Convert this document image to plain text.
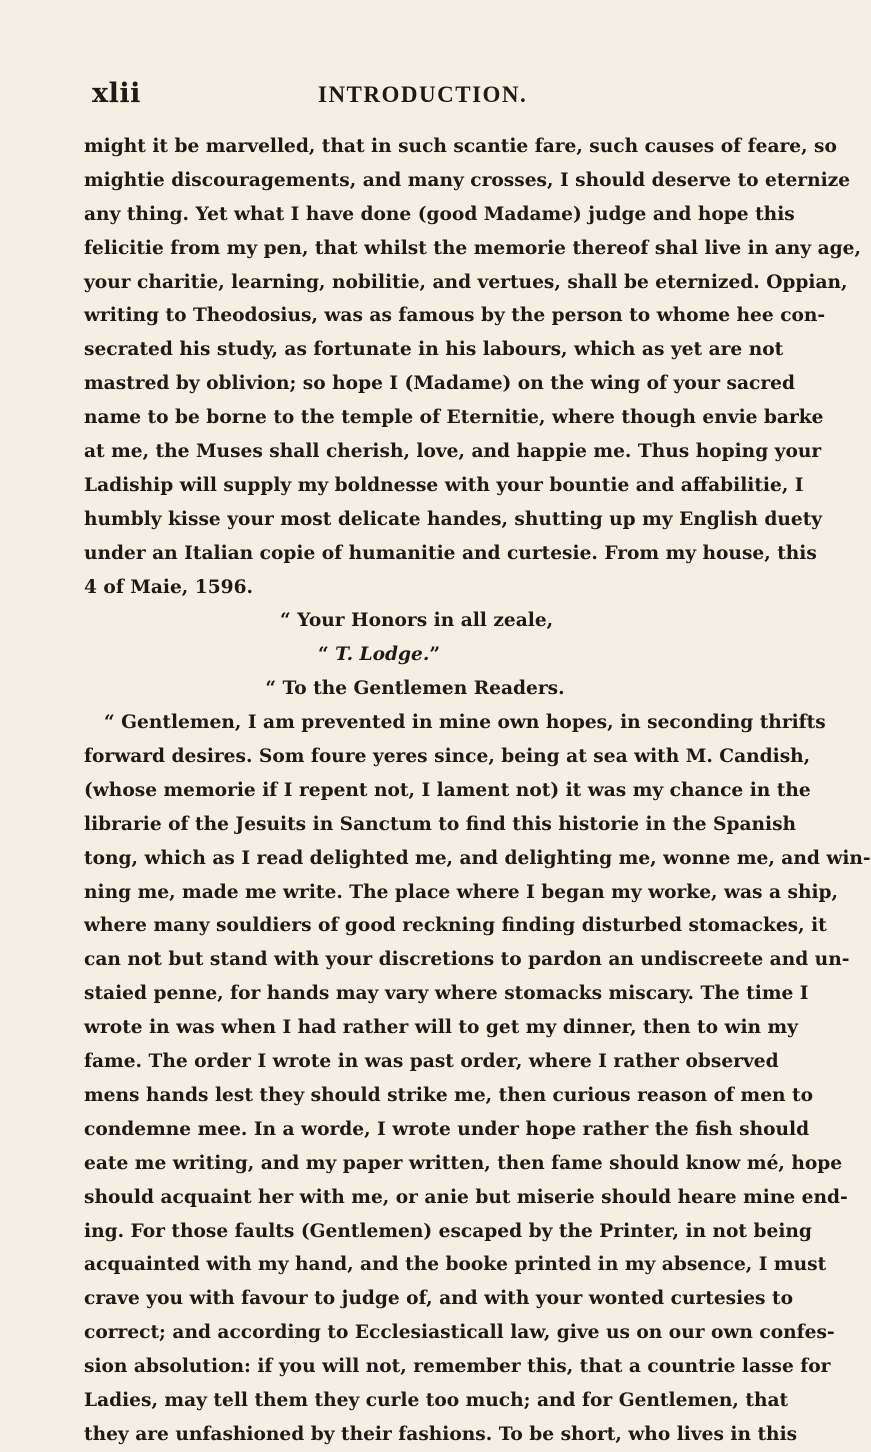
xlii	INTRODUCTION.
might it be marvelled, that in such scantie fare, such causes of feare, so
mightie discouragements, and many crosses, I should deserve to eternize
any thing. Yet what I have done (good Madame) judge and hope this
felicitie from my pen, that whilst the memorie thereof shal live in any age,
your charitie, learning, nobilitie, and vertues, shall be eternized. Oppian,
writing to Theodosius, was as famous by the person to whome hee con-
secrated his study, as fortunate in his labours, which as yet are not
mastred by oblivion; so hope I (Madame) on the wing of your sacred
name to be borne to the temple of Eternitie, where though envie barke
at me, the Muses shall cherish, love, and happie me. Thus hoping your
Ladiship will supply my boldnesse with your bountie and affabilitie, I
humbly kisse your most delicate handes, shutting up my English duety
under an Italian copie of humanitie and curtesie. From my house, this
4 of Maie, 1596.
“ Your Honors in all zeale,
“ T. Lodge.”
“ To the Gentlemen Readers.
“ Gentlemen, I am prevented in mine own hopes, in seconding thrifts
forward desires. Som foure yeres since, being at sea with M. Candish,
(whose memorie if I repent not, I lament not) it was my chance in the
librarie of the Jesuits in Sanctum to find this historie in the Spanish
tong, which as I read delighted me, and delighting me, wonne me, and win-
ning me, made me write. The place where I began my worke, was a ship,
where many souldiers of good reckning finding disturbed stomackes, it
can not but stand with your discretions to pardon an undiscreete and un-
staied penne, for hands may vary where stomacks miscary. The time I
wrote in was when I had rather will to get my dinner, then to win my
fame. The order I wrote in was past order, where I rather observed
mens hands lest they should strike me, then curious reason of men to
condemne mee. In a worde, I wrote under hope rather the fish should
eate me writing, and my paper written, then fame should know mé, hope
should acquaint her with me, or anie but miserie should heare mine end-
ing. For those faults (Gentlemen) escaped by the Printer, in not being
acquainted with my hand, and the booke printed in my absence, I must
crave you with favour to judge of, and with your wonted curtesies to
correct; and according to Ecclesiasticall law, give us on our own confes-
sion absolution: if you will not, remember this, that a countrie lasse for
Ladies, may tell them they curle too much; and for Gentlemen, that
they are unfashioned by their fashions. To be short, who lives in this
